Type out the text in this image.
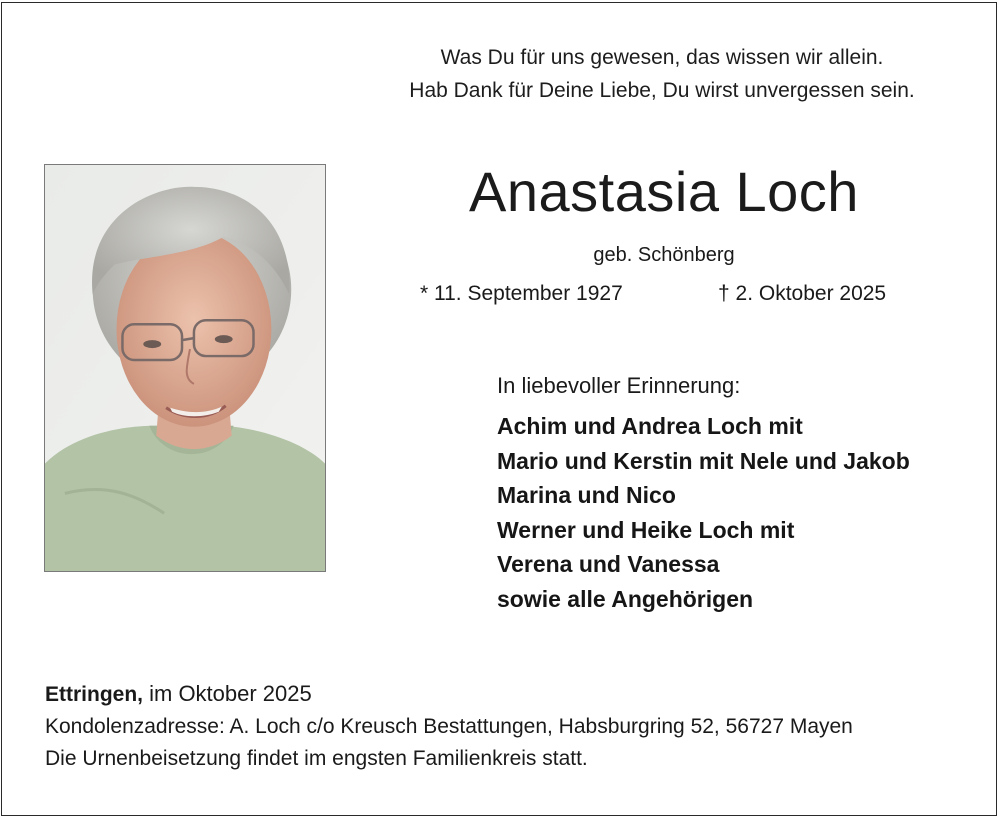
Was Du für uns gewesen, das wissen wir allein.
Hab Dank für Deine Liebe, Du wirst unvergessen sein.
Anastasia Loch
geb. Schönberg
* 11. September 1927	† 2. Oktober 2025
In liebevoller Erinnerung:
Achim und Andrea Loch mit
Mario und Kerstin mit Nele und Jakob
Marina und Nico
Werner und Heike Loch mit
Verena und Vanessa
sowie alle Angehörigen
Ettringen, im Oktober 2025
Kondolenzadresse: A. Loch c/o Kreusch Bestattungen, Habsburgring 52, 56727 Mayen
Die Urnenbeisetzung findet im engsten Familienkreis statt.
